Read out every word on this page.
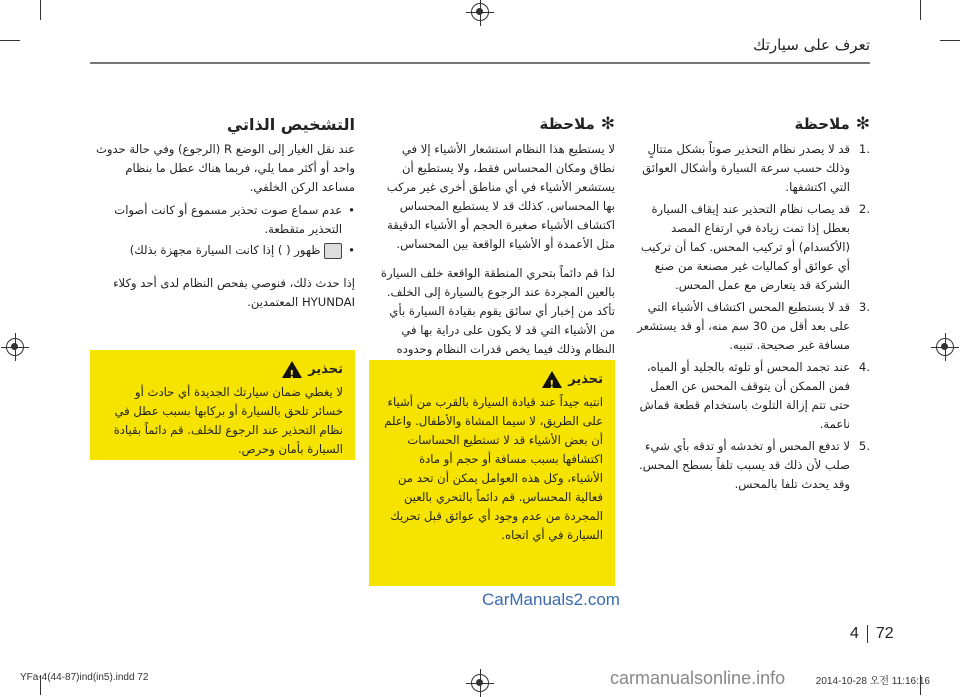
تعرف على سيارتك
✻
ملاحظة
.1
قد لا يصدر نظام التحذير صوتاً بشكل متتالٍ وذلك حسب سرعة السيارة وأشكال العوائق التي اكتشفها.
.2
قد يصاب نظام التحذير عند إيقاف السيارة بعطل إذا تمت زيادة في ارتفاع المصد (الأكسدام) أو تركيب المحس. كما أن تركيب أي عوائق أو كماليات غير مصنعة من صنع الشركة قد يتعارض مع عمل المحس.
.3
قد لا يستطيع المحس اكتشاف الأشياء التي على بعد أقل من 30 سم منه، أو قد يستشعر مسافة غير صحيحة. تنبيه.
.4
عند تجمد المحس أو تلوثه بالجليد أو المياه، فمن الممكن أن يتوقف المحس عن العمل حتى تتم إزالة التلوث باستخدام قطعة قماش ناعمة.
.5
لا تدفع المحس أو تخدشه أو تدقه بأي شيء صلب لأن ذلك قد يسبب تلفاً بسطح المحس. وقد يحدث تلفا بالمحس.
✻
ملاحظة

لا يستطيع هذا النظام استشعار الأشياء إلا في نطاق ومكان المحساس فقط، ولا يستطيع أن يستشعر الأشياء في أي مناطق أخرى غير مركب بها المحساس. كذلك قد لا يستطيع المحساس اكتشاف الأشياء صغيرة الحجم أو الأشياء الدقيقة مثل الأعمدة أو الأشياء الواقعة بين المحساس.

لذا قم دائماً بتحري المنطقة الواقعة خلف السيارة بالعين المجردة عند الرجوع بالسيارة إلى الخلف. تأكد من إخبار أي سائق يقوم بقيادة السيارة بأي من الأشياء التي قد لا يكون على دراية بها في النظام وذلك فيما يخص قدرات النظام وحدوده

التشخيص الذاتي

عند نقل الغيار إلى الوضع R (الرجوع) وفي حالة حدوث واحد أو أكثر مما يلي، فربما هناك عطل ما بنظام مساعد الركن الخلفي.

•
عدم سماع صوت تحذير مسموع أو كانت أصوات التحذير متقطعة.
•
ظهور ( ) إذا كانت السيارة مجهزة بذلك)

إذا حدث ذلك، فنوصي بفحص النظام لدى أحد وكلاء HYUNDAI المعتمدين.

تحذير
!
انتبه جيداً عند قيادة السيارة بالقرب من أشياء على الطريق، لا سيما المشاة والأطفال. واعلم أن بعض الأشياء قد لا تستطيع الحساسات اكتشافها بسبب مسافة أو حجم أو مادة الأشياء، وكل هذه العوامل يمكن أن تحد من فعالية المحساس. قم دائماً بالتحري بالعين المجردة من عدم وجود أي عوائق قبل تحريك السيارة في أي اتجاه.
تحذير
!
لا يغطي ضمان سيارتك الجديدة أي حادث أو خسائر تلحق بالسيارة أو بركابها بسبب عطل في نظام التحذير عند الرجوع للخلف. قم دائماً بقيادة السيارة بأمان وحرص.
CarManuals2.com
4 72
YFa-4(44-87)ind(in5).indd 72	carmanualsonline.info	2014-10-28 오전 11:16:16
